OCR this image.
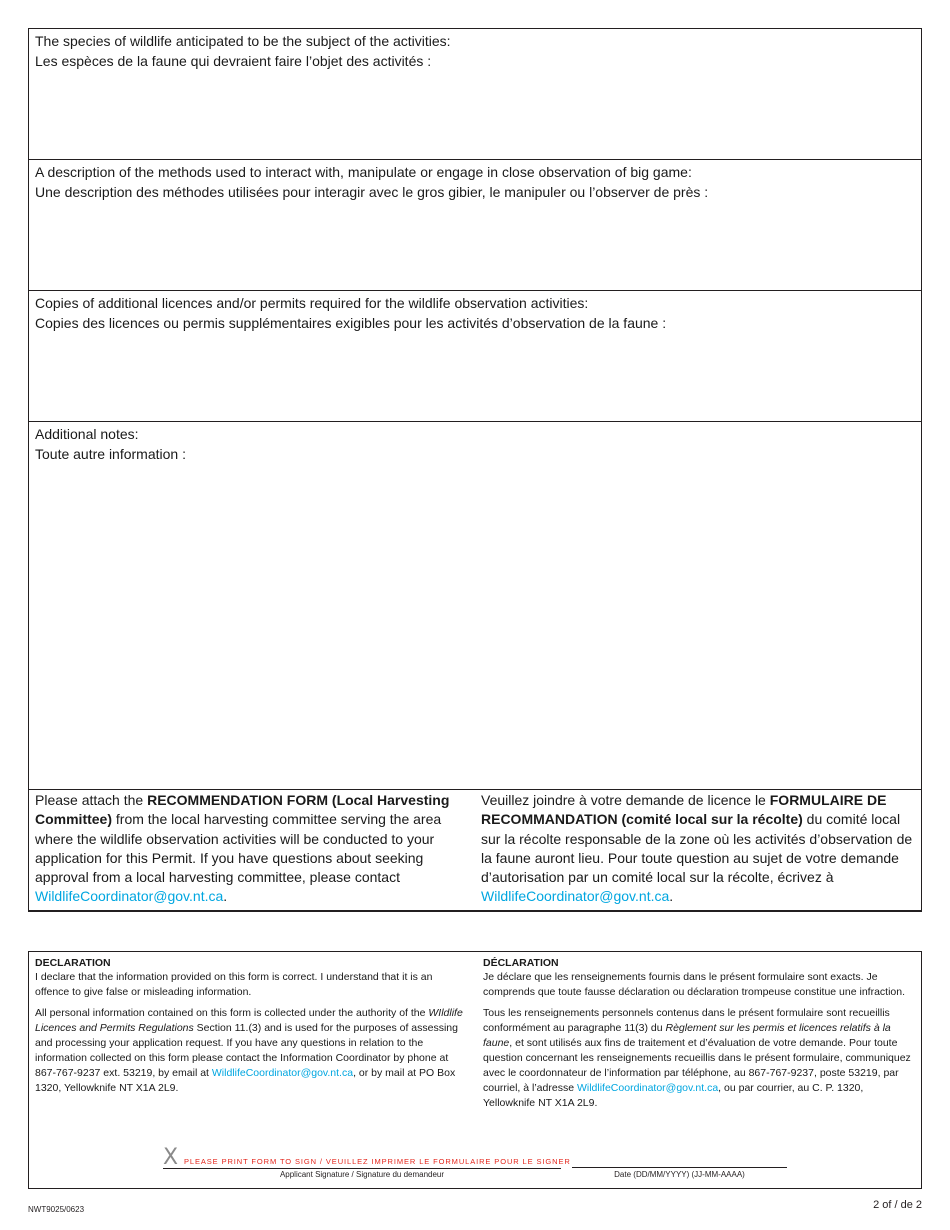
The species of wildlife anticipated to be the subject of the activities:

Les espèces de la faune qui devraient faire l’objet des activités :

A description of the methods used to interact with, manipulate or engage in close observation of big game:

Une description des méthodes utilisées pour interagir avec le gros gibier, le manipuler ou l’observer de près :

Copies of additional licences and/or permits required for the wildlife observation activities:

Copies des licences ou permis supplémentaires exigibles pour les activités d’observation de la faune :

Additional notes:

Toute autre information :

Please attach the RECOMMENDATION FORM (Local Harvesting Committee) from the local harvesting committee serving the area where the wildlife observation activities will be conducted to your application for this Permit. If you have questions about seeking approval from a local harvesting committee, please contact WildlifeCoordinator@gov.nt.ca.
Veuillez joindre à votre demande de licence le FORMULAIRE DE RECOMMANDATION (comité local sur la récolte) du comité local sur la récolte responsable de la zone où les activités d’observation de la faune auront lieu. Pour toute question au sujet de votre demande d’autorisation par un comité local sur la récolte, écrivez à WildlifeCoordinator@gov.nt.ca.
DECLARATION

I declare that the information provided on this form is correct. I understand that it is an offence to give false or misleading information.

All personal information contained on this form is collected under the authority of the WIldlife Licences and Permits Regulations Section 11.(3) and is used for the purposes of assessing and processing your application request. If you have any questions in relation to the information collected on this form please contact the Information Coordinator by phone at 867-767-9237 ext. 53219, by email at WildlifeCoordinator@gov.nt.ca, or by mail at PO Box 1320, Yellowknife NT X1A 2L9.

DÉCLARATION

Je déclare que les renseignements fournis dans le présent formulaire sont exacts. Je comprends que toute fausse déclaration ou déclaration trompeuse constitue une infraction.

Tous les renseignements personnels contenus dans le présent formulaire sont recueillis conformément au paragraphe 11(3) du Règlement sur les permis et licences relatifs à la faune, et sont utilisés aux fins de traitement et d’évaluation de votre demande. Pour toute question concernant les renseignements recueillis dans le présent formulaire, communiquez avec le coordonnateur de l’information par téléphone, au 867-767-9237, poste 53219, par courriel, à l’adresse WildlifeCoordinator@gov.nt.ca, ou par courrier, au C. P. 1320, Yellowknife NT X1A 2L9.

X PLEASE PRINT FORM TO SIGN / VEUILLEZ IMPRIMER LE FORMULAIRE POUR LE SIGNER
Applicant Signature / Signature du demandeur	Date (DD/MM/YYYY) (JJ-MM-AAAA)
NWT9025/0623	2 of / de 2
